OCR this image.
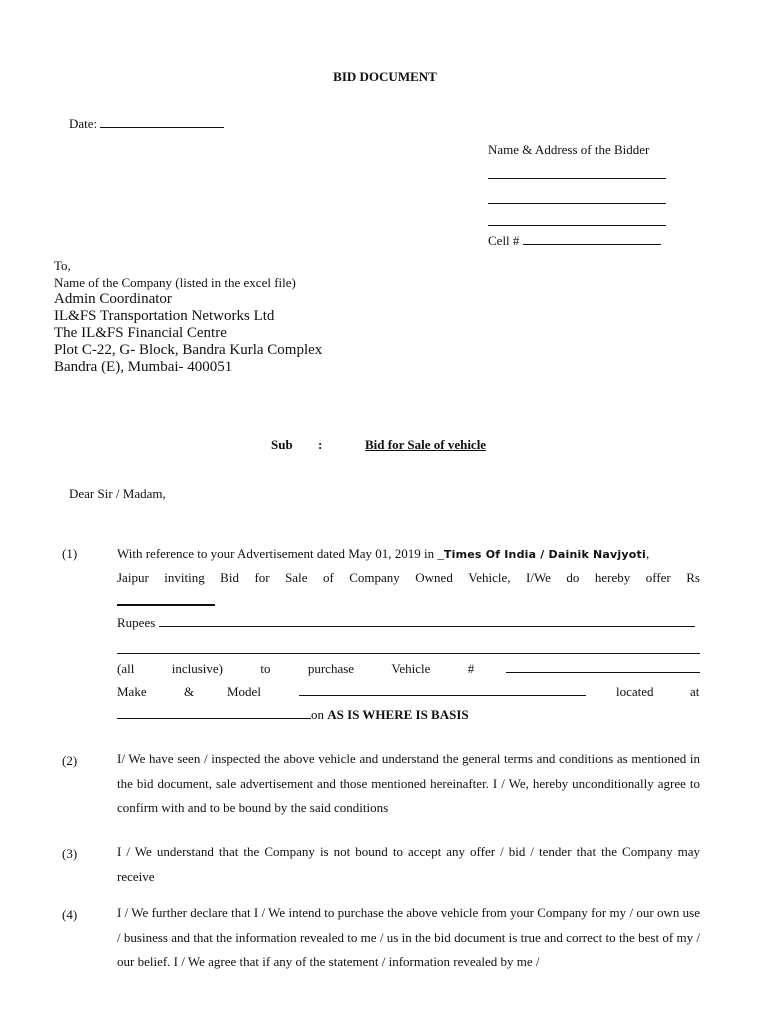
BID DOCUMENT
Date:
Name & Address of the Bidder
Cell #
To,
Name of the Company (listed in the excel file)
Admin Coordinator
IL&FS Transportation Networks Ltd
The IL&FS Financial Centre
Plot C-22, G- Block, Bandra Kurla Complex
Bandra (E), Mumbai- 400051
Sub :	Bid for Sale of vehicle
Dear Sir / Madam,
(1)	With reference to your Advertisement dated May 01, 2019 in _Times Of India / Dainik Navjyoti,
Jaipur inviting Bid for Sale of Company Owned Vehicle, I/We do hereby offer Rs
Rupees
(all	inclusive)	to	purchase	Vehicle	#
Make	&	Model	located	at
on AS IS WHERE IS BASIS
(2)	I/ We have seen / inspected the above vehicle and understand the general terms and conditions as mentioned in the bid document, sale advertisement and those mentioned hereinafter. I / We, hereby unconditionally agree to confirm with and to be bound by the said conditions
(3)	I / We understand that the Company is not bound to accept any offer / bid / tender that the Company may receive
(4)	I / We further declare that I / We intend to purchase the above vehicle from your Company for my / our own use / business and that the information revealed to me / us in the bid document is true and correct to the best of my / our belief. I / We agree that if any of the statement / information revealed by me /
